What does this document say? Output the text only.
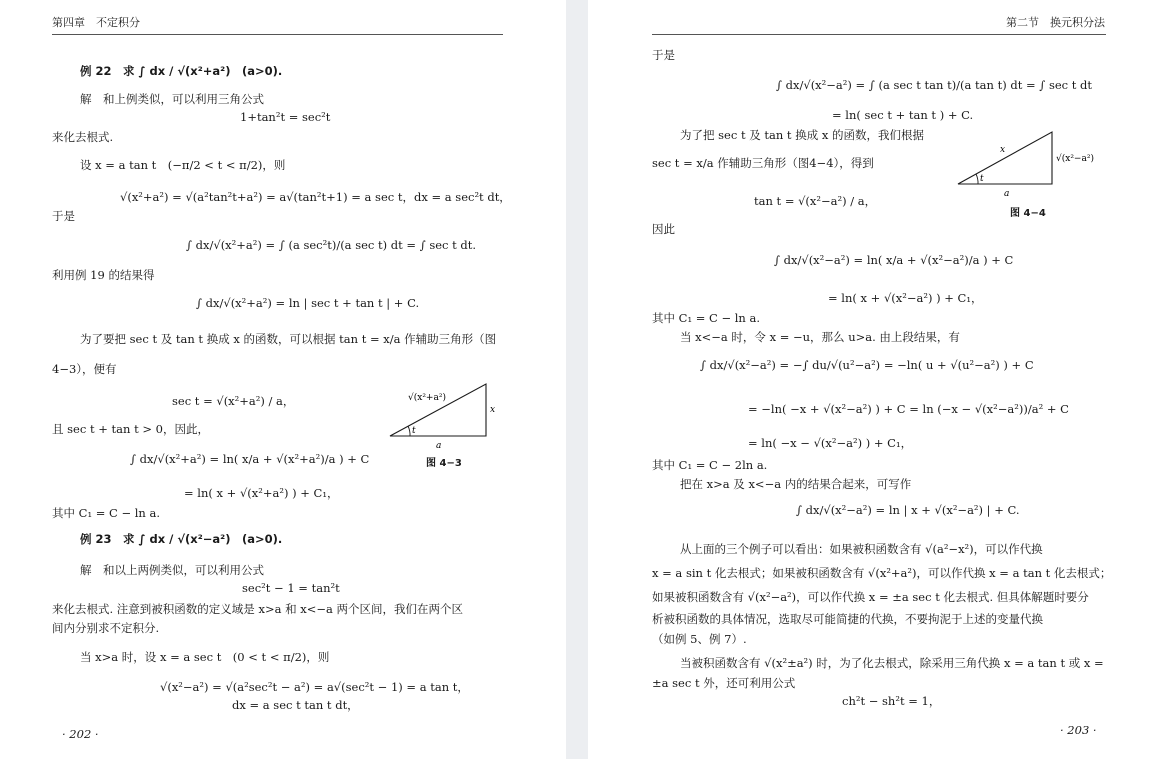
第四章　不定积分
例 22　求 ∫ dx / √(x²+a²)　(a>0).
解　和上例类似，可以利用三角公式
1+tan²t = sec²t
来化去根式.
设 x = a tan t　(−π/2 < t < π/2)，则
√(x²+a²) = √(a²tan²t+a²) = a√(tan²t+1) = a sec t，dx = a sec²t dt，
于是
∫ dx/√(x²+a²) = ∫ (a sec²t)/(a sec t) dt = ∫ sec t dt.
利用例 19 的结果得
∫ dx/√(x²+a²) = ln | sec t + tan t | + C.
为了要把 sec t 及 tan t 换成 x 的函数，可以根据 tan t = x/a 作辅助三角形（图
4−3），便有
sec t = √(x²+a²) / a，
且 sec t + tan t > 0，因此，
∫ dx/√(x²+a²) = ln( x/a + √(x²+a²)/a ) + C
= ln( x + √(x²+a²) ) + C₁，
其中 C₁ = C − ln a.
例 23　求 ∫ dx / √(x²−a²)　(a>0).
解　和以上两例类似，可以利用公式
sec²t − 1 = tan²t
来化去根式. 注意到被积函数的定义域是 x>a 和 x<−a 两个区间，我们在两个区
间内分别求不定积分.
当 x>a 时，设 x = a sec t　(0 < t < π/2)，则
√(x²−a²) = √(a²sec²t − a²) = a√(sec²t − 1) = a tan t，
dx = a sec t tan t dt，
√(x²+a²)
x
a
t
图 4−3
· 202 ·
第二节　换元积分法
于是
∫ dx/√(x²−a²) = ∫ (a sec t tan t)/(a tan t) dt = ∫ sec t dt
= ln( sec t + tan t ) + C.
为了把 sec t 及 tan t 换成 x 的函数，我们根据
sec t = x/a 作辅助三角形（图4−4），得到
tan t = √(x²−a²) / a，
因此
∫ dx/√(x²−a²) = ln( x/a + √(x²−a²)/a ) + C
= ln( x + √(x²−a²) ) + C₁，
其中 C₁ = C − ln a.
当 x<−a 时，令 x = −u，那么 u>a. 由上段结果，有
∫ dx/√(x²−a²) = −∫ du/√(u²−a²) = −ln( u + √(u²−a²) ) + C
= −ln( −x + √(x²−a²) ) + C = ln (−x − √(x²−a²))/a² + C
= ln( −x − √(x²−a²) ) + C₁，
其中 C₁ = C − 2ln a.
把在 x>a 及 x<−a 内的结果合起来，可写作
∫ dx/√(x²−a²) = ln | x + √(x²−a²) | + C.
从上面的三个例子可以看出：如果被积函数含有 √(a²−x²)，可以作代换
x = a sin t 化去根式；如果被积函数含有 √(x²+a²)，可以作代换 x = a tan t 化去根式；
如果被积函数含有 √(x²−a²)，可以作代换 x = ±a sec t 化去根式. 但具体解题时要分
析被积函数的具体情况，选取尽可能简捷的代换，不要拘泥于上述的变量代换
（如例 5、例 7）.
当被积函数含有 √(x²±a²) 时，为了化去根式，除采用三角代换 x = a tan t 或 x =
±a sec t 外，还可利用公式
ch²t − sh²t = 1，
x
√(x²−a²)
a
t
图 4−4
· 203 ·
